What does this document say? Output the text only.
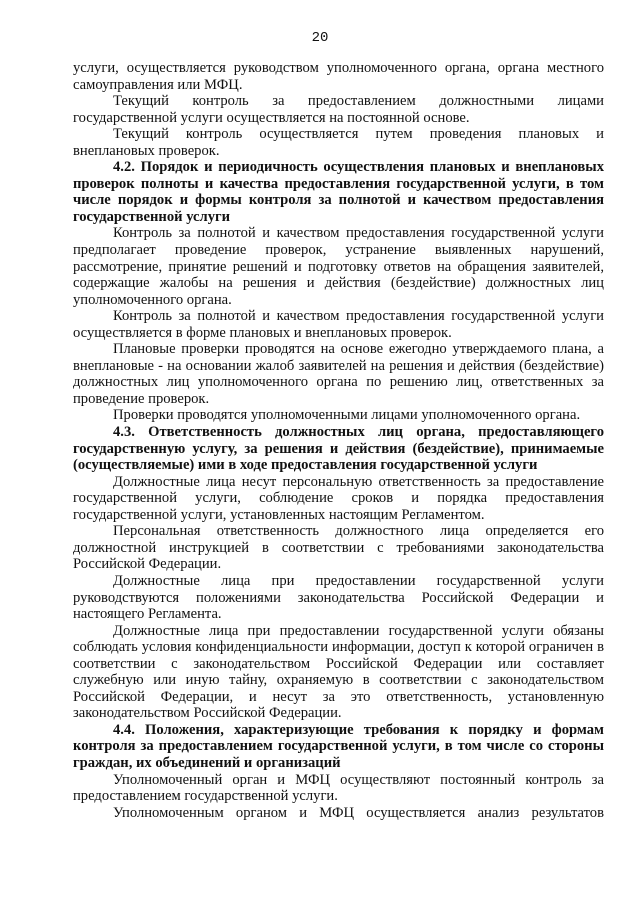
20

услуги, осуществляется руководством уполномоченного органа, органа местного самоуправления или МФЦ.

Текущий контроль за предоставлением должностными лицами государственной услуги осуществляется на постоянной основе.

Текущий контроль осуществляется путем проведения плановых и внеплановых проверок.

4.2. Порядок и периодичность осуществления плановых и внеплановых проверок полноты и качества предоставления государственной услуги, в том числе порядок и формы контроля за полнотой и качеством предоставления государственной услуги

Контроль за полнотой и качеством предоставления государственной услуги предполагает проведение проверок, устранение выявленных нарушений, рассмотрение, принятие решений и подготовку ответов на обращения заявителей, содержащие жалобы на решения и действия (бездействие) должностных лиц уполномоченного органа.

Контроль за полнотой и качеством предоставления государственной услуги осуществляется в форме плановых и внеплановых проверок.

Плановые проверки проводятся на основе ежегодно утверждаемого плана, а внеплановые - на основании жалоб заявителей на решения и действия (бездействие) должностных лиц уполномоченного органа по решению лиц, ответственных за проведение проверок.

Проверки проводятся уполномоченными лицами уполномоченного органа.

4.3. Ответственность должностных лиц органа, предоставляющего государственную услугу, за решения и действия (бездействие), принимаемые (осуществляемые) ими в ходе предоставления государственной услуги

Должностные лица несут персональную ответственность за предоставление государственной услуги, соблюдение сроков и порядка предоставления государственной услуги, установленных настоящим Регламентом.

Персональная ответственность должностного лица определяется его должностной инструкцией в соответствии с требованиями законодательства Российской Федерации.

Должностные лица при предоставлении государственной услуги руководствуются положениями законодательства Российской Федерации и настоящего Регламента.

Должностные лица при предоставлении государственной услуги обязаны соблюдать условия конфиденциальности информации, доступ к которой ограничен в соответствии с законодательством Российской Федерации или составляет служебную или иную тайну, охраняемую в соответствии с законодательством Российской Федерации, и несут за это ответственность, установленную законодательством Российской Федерации.

4.4. Положения, характеризующие требования к порядку и формам контроля за предоставлением государственной услуги, в том числе со стороны граждан, их объединений и организаций

Уполномоченный орган и МФЦ осуществляют постоянный контроль за предоставлением государственной услуги.

Уполномоченным органом и МФЦ осуществляется анализ результатов
